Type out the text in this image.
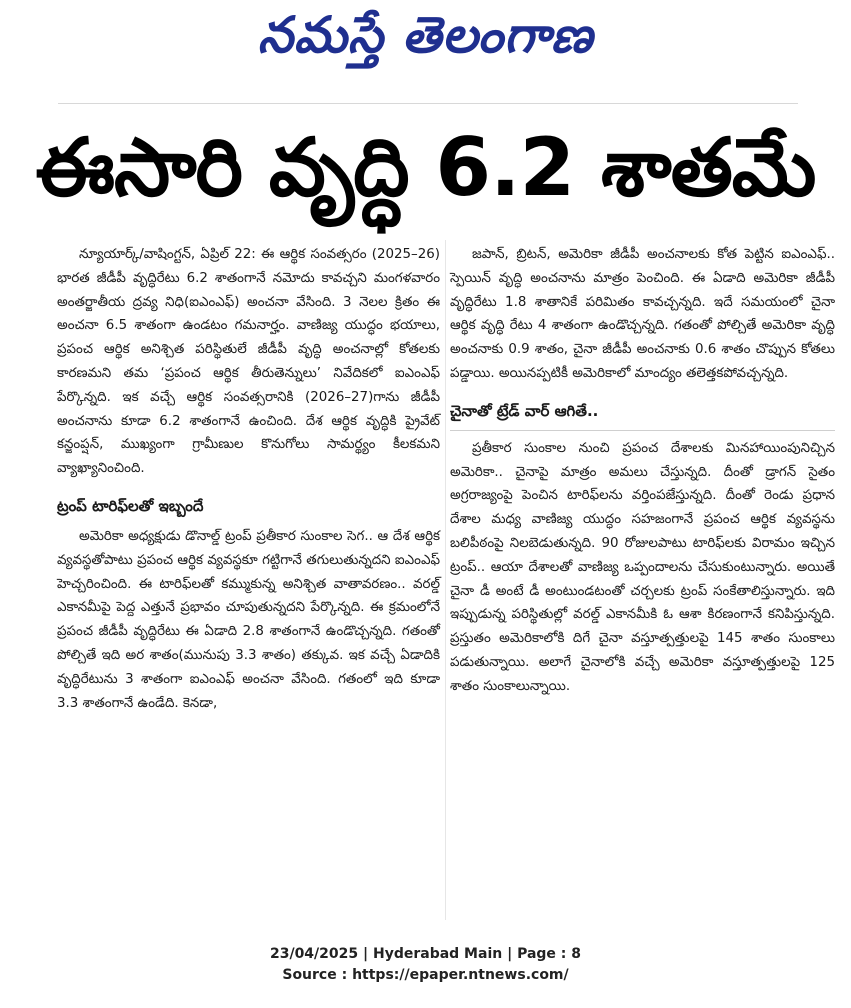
నమస్తే తెలంగాణ
ఈసారి వృద్ధి 6.2 శాతమే

న్యూయార్క్/వాషింగ్టన్, ఏప్రిల్ 22: ఈ ఆర్థిక సంవత్సరం (2025–26) భారత జీడీపీ వృద్ధిరేటు 6.2 శాతంగానే నమోదు కావచ్చని మంగళవారం అంతర్జాతీయ ద్రవ్య నిధి(ఐఎంఎఫ్) అంచనా వేసింది. 3 నెలల క్రితం ఈ అంచనా 6.5 శాతంగా ఉండటం గమనార్హం. వాణిజ్య యుద్ధం భయాలు, ప్రపంచ ఆర్థిక అనిశ్చిత పరిస్థితులే జీడీపీ వృద్ధి అంచనాల్లో కోతలకు కారణమని తమ ‘ప్రపంచ ఆర్థిక తీరుతెన్నులు’ నివేదికలో ఐఎంఎఫ్ పేర్కొన్నది. ఇక వచ్చే ఆర్థిక సంవత్సరానికి (2026–27)గాను జీడీపీ అంచనాను కూడా 6.2 శాతంగానే ఉంచింది. దేశ ఆర్థిక వృద్ధికి ప్రైవేట్ కన్జంప్షన్, ముఖ్యంగా గ్రామీణుల కొనుగోలు సామర్థ్యం కీలకమని వ్యాఖ్యానించింది.

ట్రంప్ టారిఫ్‌లతో ఇబ్బందే

అమెరికా అధ్యక్షుడు డొనాల్డ్ ట్రంప్ ప్రతీకార సుంకాల సెగ.. ఆ దేశ ఆర్థిక వ్యవస్థతోపాటు ప్రపంచ ఆర్థిక వ్యవస్థకూ గట్టిగానే తగులుతున్నదని ఐఎంఎఫ్ హెచ్చరించింది. ఈ టారిఫ్‌లతో కమ్ముకున్న అనిశ్చిత వాతావరణం.. వరల్డ్ ఎకానమీపై పెద్ద ఎత్తునే ప్రభావం చూపుతున్నదని పేర్కొన్నది. ఈ క్రమంలోనే ప్రపంచ జీడీపీ వృద్ధిరేటు ఈ ఏడాది 2.8 శాతంగానే ఉండొచ్చన్నది. గతంతో పోల్చితే ఇది అర శాతం(మునుపు 3.3 శాతం) తక్కువ. ఇక వచ్చే ఏడాదికి వృద్ధిరేటును 3 శాతంగా ఐఎంఎఫ్ అంచనా వేసింది. గతంలో ఇది కూడా 3.3 శాతంగానే ఉండేది. కెనడా,

జపాన్, బ్రిటన్, అమెరికా జీడీపీ అంచనాలకు కోత పెట్టిన ఐఎంఎఫ్.. స్పెయిన్ వృద్ధి అంచనాను మాత్రం పెంచింది. ఈ ఏడాది అమెరికా జీడీపీ వృద్ధిరేటు 1.8 శాతానికే పరిమితం కావచ్చన్నది. ఇదే సమయంలో చైనా ఆర్థిక వృద్ధి రేటు 4 శాతంగా ఉండొచ్చన్నది. గతంతో పోల్చితే అమెరికా వృద్ధి అంచనాకు 0.9 శాతం, చైనా జీడీపీ అంచనాకు 0.6 శాతం చొప్పున కోతలు పడ్డాయి. అయినప్పటికీ అమెరికాలో మాంద్యం తలెత్తకపోవచ్చన్నది.

చైనాతో ట్రేడ్ వార్ ఆగితే..

ప్రతీకార సుంకాల నుంచి ప్రపంచ దేశాలకు మినహాయింపునిచ్చిన అమెరికా.. చైనాపై మాత్రం అమలు చేస్తున్నది. దీంతో డ్రాగన్ సైతం అగ్రరాజ్యంపై పెంచిన టారిఫ్‌లను వర్తింపజేస్తున్నది. దీంతో రెండు ప్రధాన దేశాల మధ్య వాణిజ్య యుద్ధం సహజంగానే ప్రపంచ ఆర్థిక వ్యవస్థను బలిపీఠంపై నిలబెడుతున్నది. 90 రోజులపాటు టారిఫ్‌లకు విరామం ఇచ్చిన ట్రంప్.. ఆయా దేశాలతో వాణిజ్య ఒప్పందాలను చేసుకుంటున్నారు. అయితే చైనా డీ అంటే డీ అంటుండటంతో చర్చలకు ట్రంప్ సంకేతాలిస్తున్నారు. ఇది ఇప్పుడున్న పరిస్థితుల్లో వరల్డ్ ఎకానమీకి ఓ ఆశా కిరణంగానే కనిపిస్తున్నది. ప్రస్తుతం అమెరికాలోకి దిగే చైనా వస్తూత్పత్తులపై 145 శాతం సుంకాలు పడుతున్నాయి. అలాగే చైనాలోకి వచ్చే అమెరికా వస్తూత్పత్తులపై 125 శాతం సుంకాలున్నాయి.

23/04/2025 | Hyderabad Main | Page : 8
Source : https://epaper.ntnews.com/
